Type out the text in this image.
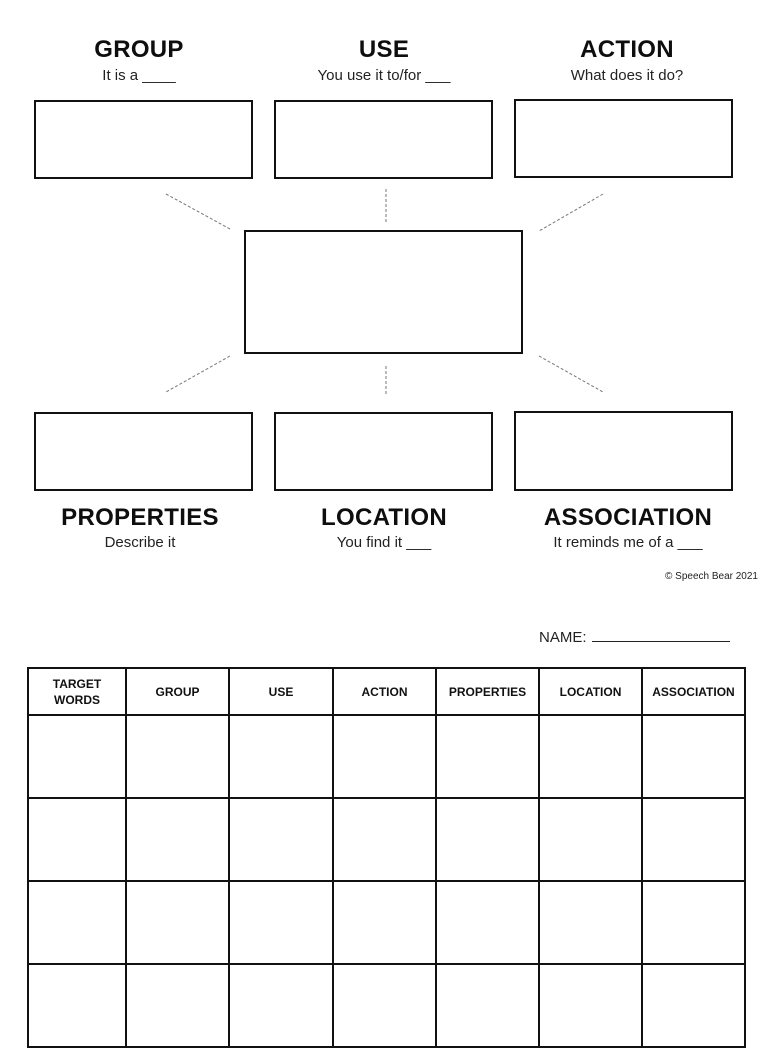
GROUP
It is a ____
USE
You use it to/for ___
ACTION
What does it do?
PROPERTIES
Describe it
LOCATION
You find it ___
ASSOCIATION
It reminds me of a ___
© Speech Bear 2021
NAME:
TARGET WORDS	GROUP	USE	ACTION	PROPERTIES	LOCATION	ASSOCIATION
